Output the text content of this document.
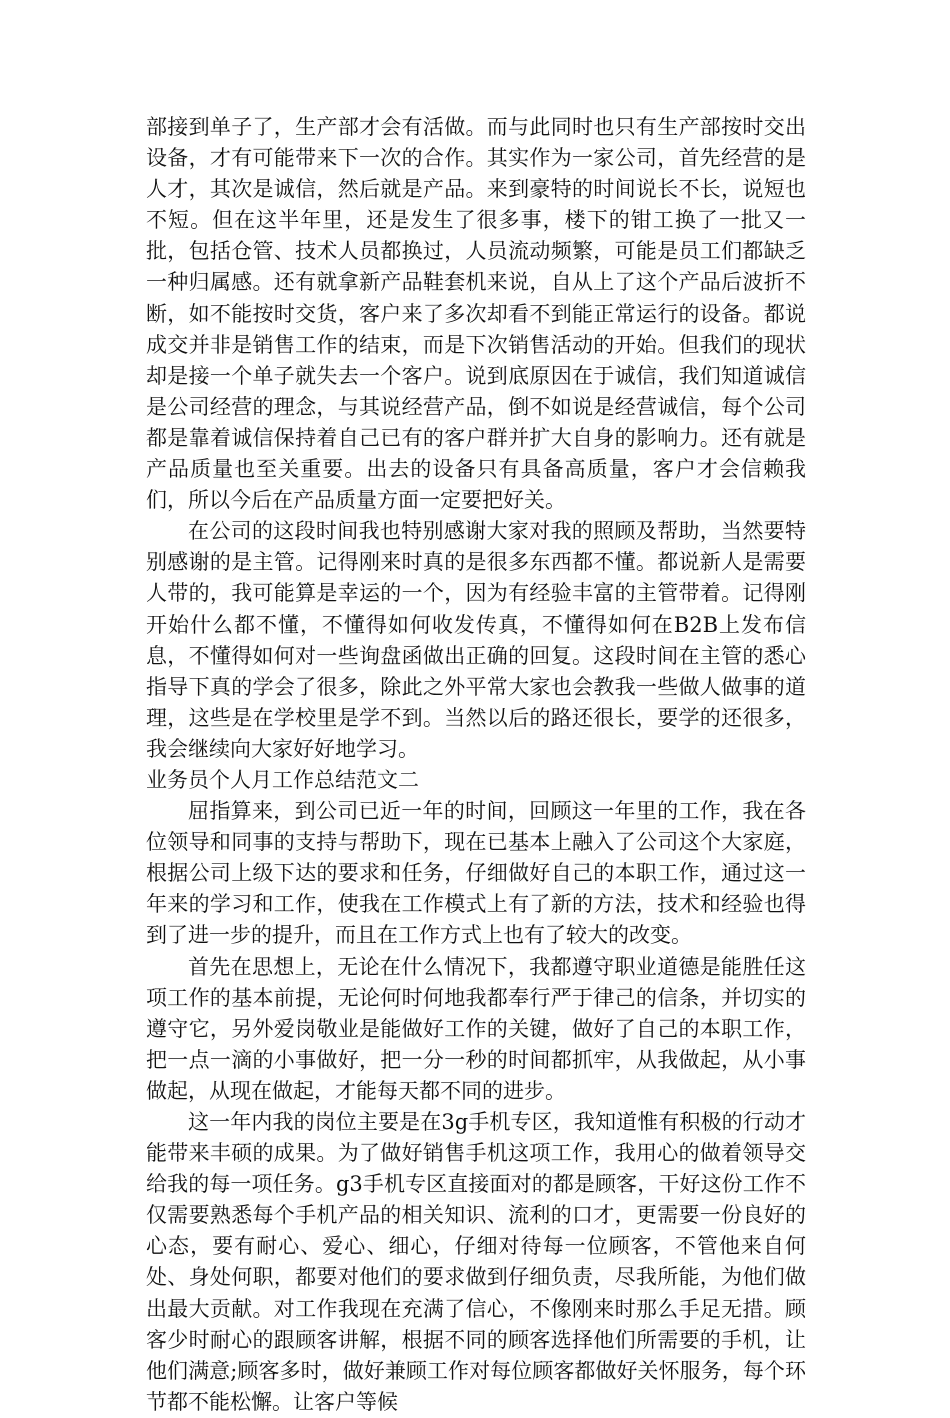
部接到单子了，生产部才会有活做。而与此同时也只有生产部按时交出设备，才有可能带来下一次的合作。其实作为一家公司，首先经营的是人才，其次是诚信，然后就是产品。来到豪特的时间说长不长，说短也不短。但在这半年里，还是发生了很多事，楼下的钳工换了一批又一批，包括仓管、技术人员都换过，人员流动频繁，可能是员工们都缺乏一种归属感。还有就拿新产品鞋套机来说，自从上了这个产品后波折不断，如不能按时交货，客户来了多次却看不到能正常运行的设备。都说成交并非是销售工作的结束，而是下次销售活动的开始。但我们的现状却是接一个单子就失去一个客户。说到底原因在于诚信，我们知道诚信是公司经营的理念，与其说经营产品，倒不如说是经营诚信，每个公司都是靠着诚信保持着自己已有的客户群并扩大自身的影响力。还有就是产品质量也至关重要。出去的设备只有具备高质量，客户才会信赖我们，所以今后在产品质量方面一定要把好关。

在公司的这段时间我也特别感谢大家对我的照顾及帮助，当然要特别感谢的是主管。记得刚来时真的是很多东西都不懂。都说新人是需要人带的，我可能算是幸运的一个，因为有经验丰富的主管带着。记得刚开始什么都不懂，不懂得如何收发传真，不懂得如何在B2B上发布信息，不懂得如何对一些询盘函做出正确的回复。这段时间在主管的悉心指导下真的学会了很多，除此之外平常大家也会教我一些做人做事的道理，这些是在学校里是学不到。当然以后的路还很长，要学的还很多，我会继续向大家好好地学习。

业务员个人月工作总结范文二

屈指算来，到公司已近一年的时间，回顾这一年里的工作，我在各位领导和同事的支持与帮助下，现在已基本上融入了公司这个大家庭，根据公司上级下达的要求和任务，仔细做好自己的本职工作，通过这一年来的学习和工作，使我在工作模式上有了新的方法，技术和经验也得到了进一步的提升，而且在工作方式上也有了较大的改变。

首先在思想上，无论在什么情况下，我都遵守职业道德是能胜任这项工作的基本前提，无论何时何地我都奉行严于律己的信条，并切实的遵守它，另外爱岗敬业是能做好工作的关键，做好了自己的本职工作，把一点一滴的小事做好，把一分一秒的时间都抓牢，从我做起，从小事做起，从现在做起，才能每天都不同的进步。

这一年内我的岗位主要是在3g手机专区，我知道惟有积极的行动才能带来丰硕的成果。为了做好销售手机这项工作，我用心的做着领导交给我的每一项任务。g3手机专区直接面对的都是顾客，干好这份工作不仅需要熟悉每个手机产品的相关知识、流利的口才，更需要一份良好的心态，要有耐心、爱心、细心，仔细对待每一位顾客，不管他来自何处、身处何职，都要对他们的要求做到仔细负责，尽我所能，为他们做出最大贡献。对工作我现在充满了信心，不像刚来时那么手足无措。顾客少时耐心的跟顾客讲解，根据不同的顾客选择他们所需要的手机，让他们满意;顾客多时，做好兼顾工作对每位顾客都做好关怀服务，每个环节都不能松懈。让客户等候
